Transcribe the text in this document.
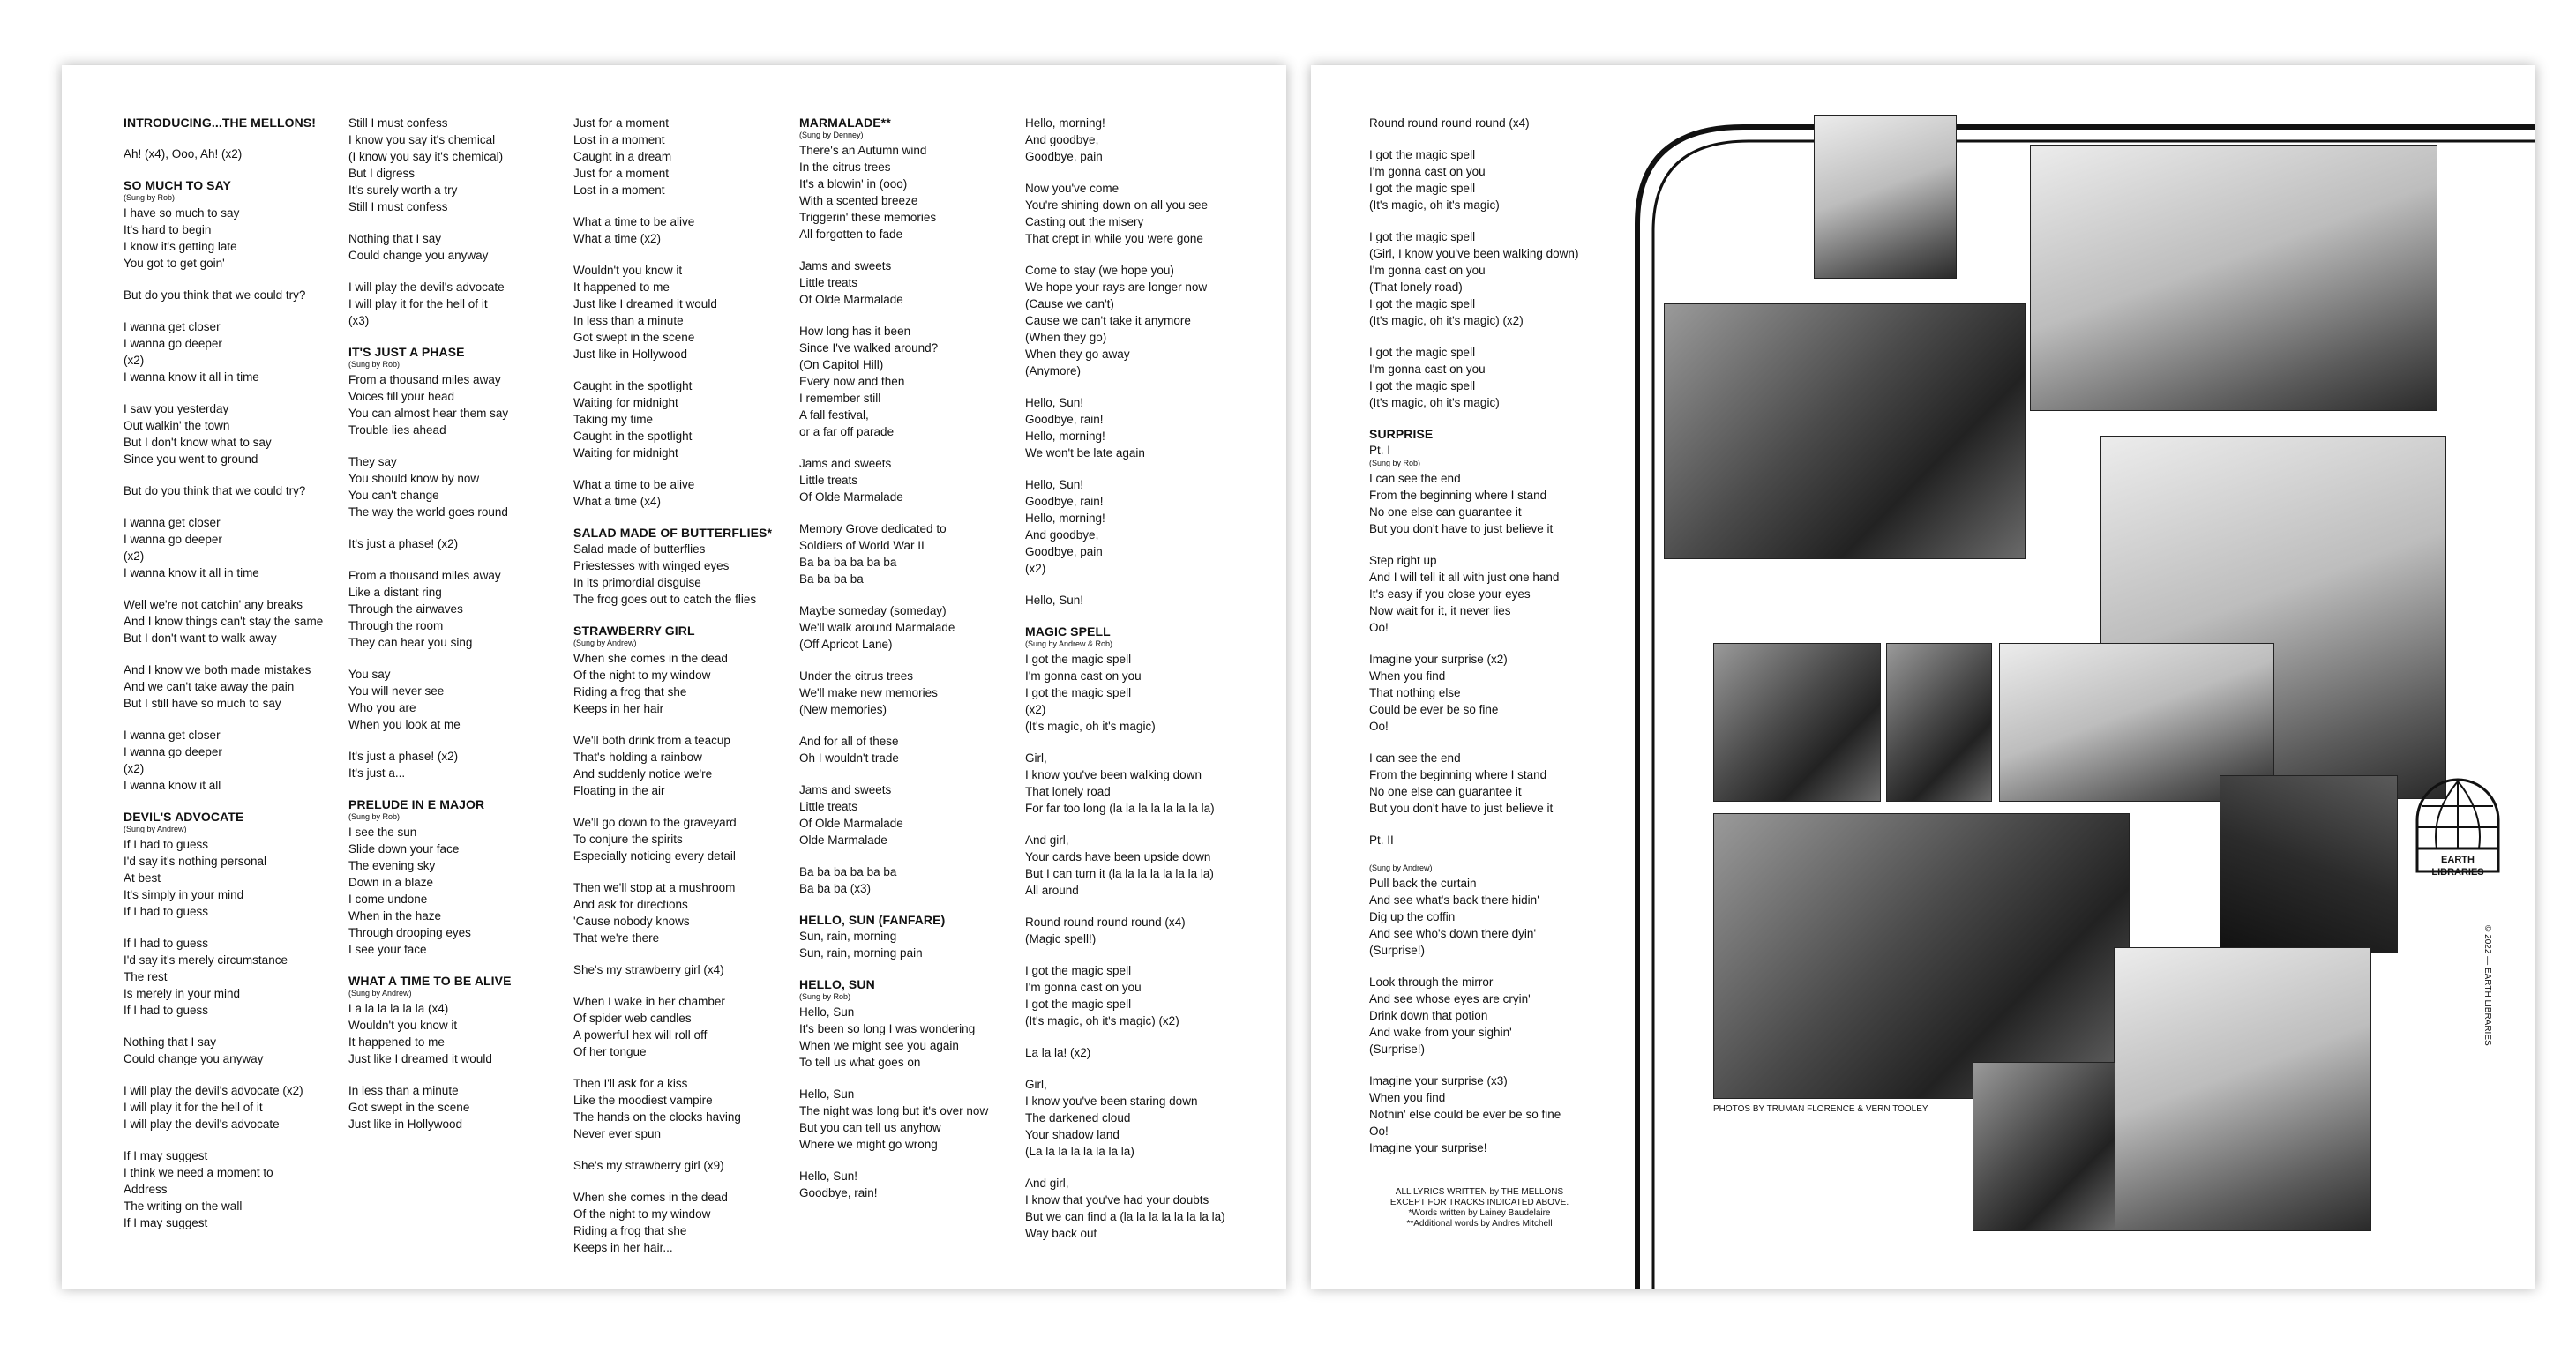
INTRODUCING...THE MELLONS!
Ah! (x4), Ooo, Ah! (x2)
SO MUCH TO SAY
(Sung by Rob)
I have so much to say
It's hard to begin
I know it's getting late
You got to get goin'
But do you think that we could try?
I wanna get closer
I wanna go deeper
(x2)
I wanna know it all in time
I saw you yesterday
Out walkin' the town
But I don't know what to say
Since you went to ground
But do you think that we could try?
I wanna get closer
I wanna go deeper
(x2)
I wanna know it all in time
Well we're not catchin' any breaks
And I know things can't stay the same
But I don't want to walk away
And I know we both made mistakes
And we can't take away the pain
But I still have so much to say
I wanna get closer
I wanna go deeper
(x2)
I wanna know it all
DEVIL'S ADVOCATE
(Sung by Andrew)
If I had to guess
I'd say it's nothing personal
At best
It's simply in your mind
If I had to guess
If I had to guess
I'd say it's merely circumstance
The rest
Is merely in your mind
If I had to guess
Nothing that I say
Could change you anyway
I will play the devil's advocate (x2)
I will play it for the hell of it
I will play the devil's advocate
If I may suggest
I think we need a moment to
Address
The writing on the wall
If I may suggest
Still I must confess
I know you say it's chemical
(I know you say it's chemical)
But I digress
It's surely worth a try
Still I must confess
Nothing that I say
Could change you anyway
I will play the devil's advocate
I will play it for the hell of it
(x3)
IT'S JUST A PHASE
(Sung by Rob)
From a thousand miles away
Voices fill your head
You can almost hear them say
Trouble lies ahead
They say
You should know by now
You can't change
The way the world goes round
It's just a phase! (x2)
From a thousand miles away
Like a distant ring
Through the airwaves
Through the room
They can hear you sing
You say
You will never see
Who you are
When you look at me
It's just a phase! (x2)
It's just a...
PRELUDE IN E MAJOR
(Sung by Rob)
I see the sun
Slide down your face
The evening sky
Down in a blaze
I come undone
When in the haze
Through drooping eyes
I see your face
WHAT A TIME TO BE ALIVE
(Sung by Andrew)
La la la la la la (x4)
Wouldn't you know it
It happened to me
Just like I dreamed it would
In less than a minute
Got swept in the scene
Just like in Hollywood
Just for a moment
Lost in a moment
Caught in a dream
Just for a moment
Lost in a moment
What a time to be alive
What a time (x2)
Wouldn't you know it
It happened to me
Just like I dreamed it would
In less than a minute
Got swept in the scene
Just like in Hollywood
Caught in the spotlight
Waiting for midnight
Taking my time
Caught in the spotlight
Waiting for midnight
What a time to be alive
What a time (x4)
SALAD MADE OF BUTTERFLIES*
Salad made of butterflies
Priestesses with winged eyes
In its primordial disguise
The frog goes out to catch the flies
STRAWBERRY GIRL
(Sung by Andrew)
When she comes in the dead
Of the night to my window
Riding a frog that she
Keeps in her hair
We'll both drink from a teacup
That's holding a rainbow
And suddenly notice we're
Floating in the air
We'll go down to the graveyard
To conjure the spirits
Especially noticing every detail
Then we'll stop at a mushroom
And ask for directions
'Cause nobody knows
That we're there
She's my strawberry girl (x4)
When I wake in her chamber
Of spider web candles
A powerful hex will roll off
Of her tongue
Then I'll ask for a kiss
Like the moodiest vampire
The hands on the clocks having
Never ever spun
She's my strawberry girl (x9)
When she comes in the dead
Of the night to my window
Riding a frog that she
Keeps in her hair...
MARMALADE**
(Sung by Denney)
There's an Autumn wind
In the citrus trees
It's a blowin' in (ooo)
With a scented breeze
Triggerin' these memories
All forgotten to fade
Jams and sweets
Little treats
Of Olde Marmalade
How long has it been
Since I've walked around?
(On Capitol Hill)
Every now and then
I remember still
A fall festival,
or a far off parade
Jams and sweets
Little treats
Of Olde Marmalade
Memory Grove dedicated to
Soldiers of World War II
Ba ba ba ba ba ba
Ba ba ba ba
Maybe someday (someday)
We'll walk around Marmalade
(Off Apricot Lane)
Under the citrus trees
We'll make new memories
(New memories)
And for all of these
Oh I wouldn't trade
Jams and sweets
Little treats
Of Olde Marmalade
Olde Marmalade
Ba ba ba ba ba ba
Ba ba ba (x3)
HELLO, SUN (FANFARE)
Sun, rain, morning
Sun, rain, morning pain
HELLO, SUN
(Sung by Rob)
Hello, Sun
It's been so long I was wondering
When we might see you again
To tell us what goes on
Hello, Sun
The night was long but it's over now
But you can tell us anyhow
Where we might go wrong
Hello, Sun!
Goodbye, rain!
Hello, morning!
And goodbye,
Goodbye, pain
Now you've come
You're shining down on all you see
Casting out the misery
That crept in while you were gone
Come to stay (we hope you)
We hope your rays are longer now
(Cause we can't)
Cause we can't take it anymore
(When they go)
When they go away
(Anymore)
Hello, Sun!
Goodbye, rain!
Hello, morning!
We won't be late again
Hello, Sun!
Goodbye, rain!
Hello, morning!
And goodbye,
Goodbye, pain
(x2)
Hello, Sun!
MAGIC SPELL
(Sung by Andrew & Rob)
I got the magic spell
I'm gonna cast on you
I got the magic spell
(x2)
(It's magic, oh it's magic)
Girl,
I know you've been walking down
That lonely road
For far too long (la la la la la la la la)
And girl,
Your cards have been upside down
But I can turn it (la la la la la la la la)
All around
Round round round round (x4)
(Magic spell!)
I got the magic spell
I'm gonna cast on you
I got the magic spell
(It's magic, oh it's magic) (x2)
La la la! (x2)
Girl,
I know you've been staring down
The darkened cloud
Your shadow land
(La la la la la la la la)
And girl,
I know that you've had your doubts
But we can find a (la la la la la la la la)
Way back out
Round round round round (x4)
I got the magic spell
I'm gonna cast on you
I got the magic spell
(It's magic, oh it's magic)
I got the magic spell
(Girl, I know you've been walking down)
I'm gonna cast on you
(That lonely road)
I got the magic spell
(It's magic, oh it's magic) (x2)
I got the magic spell
I'm gonna cast on you
I got the magic spell
(It's magic, oh it's magic)
SURPRISE
Pt. I
(Sung by Rob)
I can see the end
From the beginning where I stand
No one else can guarantee it
But you don't have to just believe it
Step right up
And I will tell it all with just one hand
It's easy if you close your eyes
Now wait for it, it never lies
Oo!
Imagine your surprise (x2)
When you find
That nothing else
Could be ever be so fine
Oo!
I can see the end
From the beginning where I stand
No one else can guarantee it
But you don't have to just believe it
Pt. II
(Sung by Andrew)
Pull back the curtain
And see what's back there hidin'
Dig up the coffin
And see who's down there dyin'
(Surprise!)
Look through the mirror
And see whose eyes are cryin'
Drink down that potion
And wake from your sighin'
(Surprise!)
Imagine your surprise (x3)
When you find
Nothin' else could be ever be so fine
Oo!
Imagine your surprise!
ALL LYRICS WRITTEN by THE MELLONS
EXCEPT FOR TRACKS INDICATED ABOVE.
*Words written by Lainey Baudelaire
**Additional words by Andres Mitchell
PHOTOS BY TRUMAN FLORENCE & VERN TOOLEY
EARTH LIBRARIES
© 2022 — EARTH LIBRARIES
